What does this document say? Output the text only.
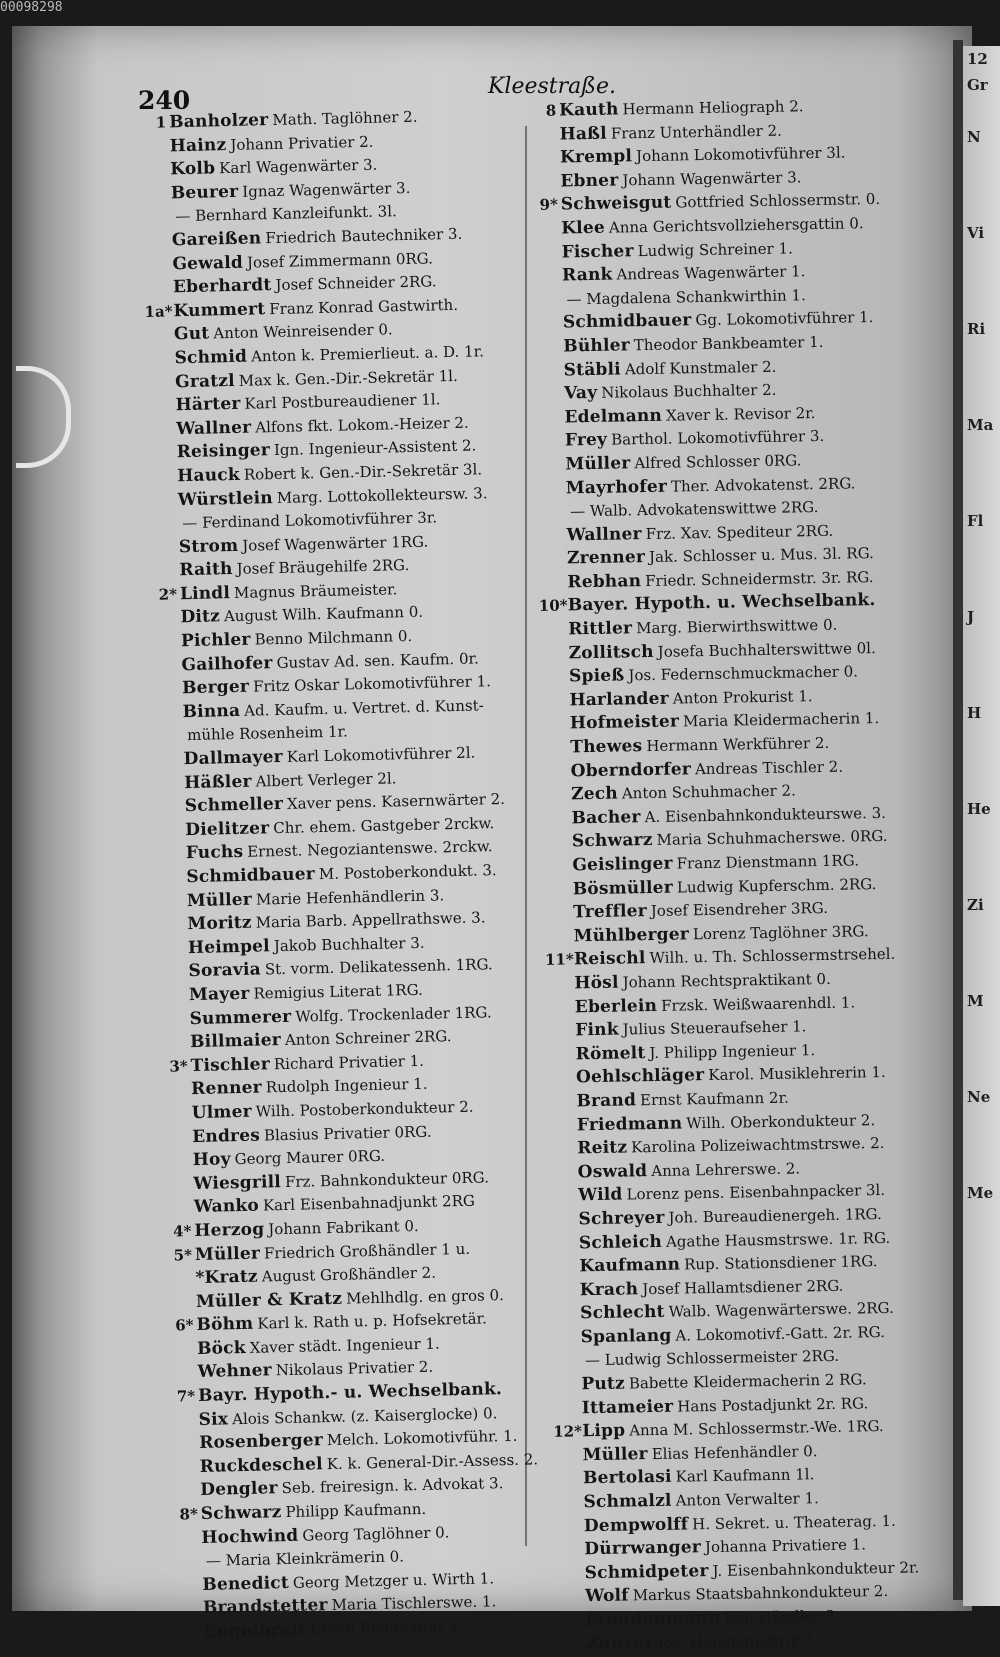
00098298
12 Gr
N
Vi
Ri
Ma
Fl
J
H
He
Zi
M
Ne
Me
240	Kleestraße.
1 Banholzer Math. Taglöhner 2.
Hainz Johann Privatier 2.
Kolb Karl Wagenwärter 3.
Beurer Ignaz Wagenwärter 3.
— Bernhard Kanzleifunkt. 3l.
Gareißen Friedrich Bautechniker 3.
Gewald Josef Zimmermann 0RG.
Eberhardt Josef Schneider 2RG.
1a*Kummert Franz Konrad Gastwirth.
Gut Anton Weinreisender 0.
Schmid Anton k. Premierlieut. a. D. 1r.
Gratzl Max k. Gen.-Dir.-Sekretär 1l.
Härter Karl Postbureaudiener 1l.
Wallner Alfons fkt. Lokom.-Heizer 2.
Reisinger Ign. Ingenieur-Assistent 2.
Hauck Robert k. Gen.-Dir.-Sekretär 3l.
Würstlein Marg. Lottokollekteursw. 3.
— Ferdinand Lokomotivführer 3r.
Strom Josef Wagenwärter 1RG.
Raith Josef Bräugehilfe 2RG.
2* Lindl Magnus Bräumeister.
Ditz August Wilh. Kaufmann 0.
Pichler Benno Milchmann 0.
Gailhofer Gustav Ad. sen. Kaufm. 0r.
Berger Fritz Oskar Lokomotivführer 1.
Binna Ad. Kaufm. u. Vertret. d. Kunst-
mühle Rosenheim 1r.
Dallmayer Karl Lokomotivführer 2l.
Häßler Albert Verleger 2l.
Schmeller Xaver pens. Kasernwärter 2.
Dielitzer Chr. ehem. Gastgeber 2rckw.
Fuchs Ernest. Negoziantenswe. 2rckw.
Schmidbauer M. Postoberkondukt. 3.
Müller Marie Hefenhändlerin 3.
Moritz Maria Barb. Appellrathswe. 3.
Heimpel Jakob Buchhalter 3.
Soravia St. vorm. Delikatessenh. 1RG.
Mayer Remigius Literat 1RG.
Summerer Wolfg. Trockenlader 1RG.
Billmaier Anton Schreiner 2RG.
3* Tischler Richard Privatier 1.
Renner Rudolph Ingenieur 1.
Ulmer Wilh. Postoberkondukteur 2.
Endres Blasius Privatier 0RG.
Hoy Georg Maurer 0RG.
Wiesgrill Frz. Bahnkondukteur 0RG.
Wanko Karl Eisenbahnadjunkt 2RG
4* Herzog Johann Fabrikant 0.
5* Müller Friedrich Großhändler 1 u.
*Kratz August Großhändler 2.
Müller & Kratz Mehlhdlg. en gros 0.
6* Böhm Karl k. Rath u. p. Hofsekretär.
Böck Xaver städt. Ingenieur 1.
Wehner Nikolaus Privatier 2.
7* Bayr. Hypoth.- u. Wechselbank.
Six Alois Schankw. (z. Kaiserglocke) 0.
Rosenberger Melch. Lokomotivführ. 1.
Ruckdeschel K. k. General-Dir.-Assess. 2.
Dengler Seb. freiresign. k. Advokat 3.
8* Schwarz Philipp Kaufmann.
Hochwind Georg Taglöhner 0.
— Maria Kleinkrämerin 0.
Benedict Georg Metzger u. Wirth 1.
Brandstetter Maria Tischlerswe. 1.
Engelbreit Erwin Buchhalter 1.
8 Kauth Hermann Heliograph 2.
Haßl Franz Unterhändler 2.
Krempl Johann Lokomotivführer 3l.
Ebner Johann Wagenwärter 3.
9* Schweisgut Gottfried Schlossermstr. 0.
Klee Anna Gerichtsvollziehersgattin 0.
Fischer Ludwig Schreiner 1.
Rank Andreas Wagenwärter 1.
— Magdalena Schankwirthin 1.
Schmidbauer Gg. Lokomotivführer 1.
Bühler Theodor Bankbeamter 1.
Stäbli Adolf Kunstmaler 2.
Vay Nikolaus Buchhalter 2.
Edelmann Xaver k. Revisor 2r.
Frey Barthol. Lokomotivführer 3.
Müller Alfred Schlosser 0RG.
Mayrhofer Ther. Advokatenst. 2RG.
— Walb. Advokatenswittwe 2RG.
Wallner Frz. Xav. Spediteur 2RG.
Zrenner Jak. Schlosser u. Mus. 3l. RG.
Rebhan Friedr. Schneidermstr. 3r. RG.
10*Bayer. Hypoth. u. Wechselbank.
Rittler Marg. Bierwirthswittwe 0.
Zollitsch Josefa Buchhalterswittwe 0l.
Spieß Jos. Federnschmuckmacher 0.
Harlander Anton Prokurist 1.
Hofmeister Maria Kleidermacherin 1.
Thewes Hermann Werkführer 2.
Oberndorfer Andreas Tischler 2.
Zech Anton Schuhmacher 2.
Bacher A. Eisenbahnkondukteurswe. 3.
Schwarz Maria Schuhmacherswe. 0RG.
Geislinger Franz Dienstmann 1RG.
Bösmüller Ludwig Kupferschm. 2RG.
Treffler Josef Eisendreher 3RG.
Mühlberger Lorenz Taglöhner 3RG.
11*Reischl Wilh. u. Th. Schlossermstrsehel.
Hösl Johann Rechtspraktikant 0.
Eberlein Frzsk. Weißwaarenhdl. 1.
Fink Julius Steueraufseher 1.
Römelt J. Philipp Ingenieur 1.
Oehlschläger Karol. Musiklehrerin 1.
Brand Ernst Kaufmann 2r.
Friedmann Wilh. Oberkondukteur 2.
Reitz Karolina Polizeiwachtmstrswe. 2.
Oswald Anna Lehrerswe. 2.
Wild Lorenz pens. Eisenbahnpacker 3l.
Schreyer Joh. Bureaudienergeh. 1RG.
Schleich Agathe Hausmstrswe. 1r. RG.
Kaufmann Rup. Stationsdiener 1RG.
Krach Josef Hallamtsdiener 2RG.
Schlecht Walb. Wagenwärterswe. 2RG.
Spanlang A. Lokomotivf.-Gatt. 2r. RG.
— Ludwig Schlossermeister 2RG.
Putz Babette Kleidermacherin 2 RG.
Ittameier Hans Postadjunkt 2r. RG.
12*Lipp Anna M. Schlossermstr.-We. 1RG.
Müller Elias Hefenhändler 0.
Bertolasi Karl Kaufmann 1l.
Schmalzl Anton Verwalter 1.
Dempwolff H. Sekret. u. Theaterag. 1.
Dürrwanger Johanna Privatiere 1.
Schmidpeter J. Eisenbahnkondukteur 2r.
Wolf Markus Staatsbahnkondukteur 2.
Freudenmann Joh. Händler 3.
Zunzer Jos. Hemdenfabrik 3.
